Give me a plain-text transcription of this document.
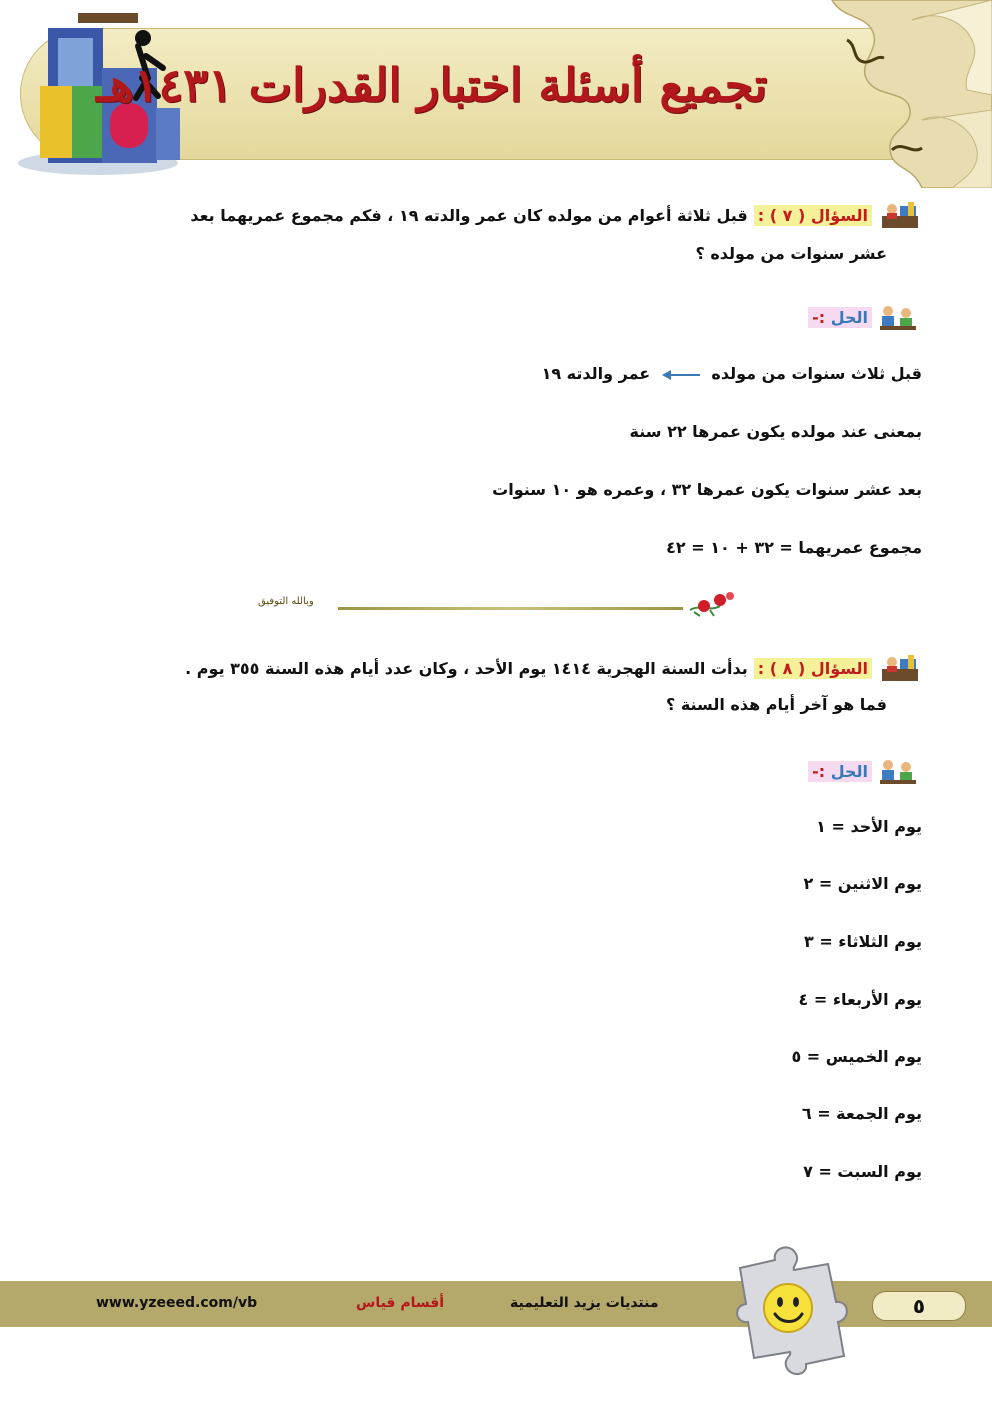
تجميع أسئلة اختبار القدرات ١٤٣١هـ
السؤال ( ٧ ) :
قبل ثلاثة أعوام من مولده كان عمر والدته ١٩ ، فكم مجموع عمريهما بعد
عشر سنوات من مولده ؟
الحل :-
قبل ثلاث سنوات من مولده  عمر والدته ١٩
بمعنى عند مولده يكون عمرها ٢٢ سنة
بعد عشر سنوات يكون عمرها ٣٢ ، وعمره هو ١٠ سنوات
مجموع عمريهما = ٣٢ + ١٠ = ٤٢
وبالله التوفيق
السؤال ( ٨ ) :
بدأت السنة الهجرية ١٤١٤ يوم الأحد ، وكان عدد أيام هذه السنة ٣٥٥ يوم .
فما هو آخر أيام هذه السنة ؟
الحل :-
يوم الأحد = ١
يوم الاثنين = ٢
يوم الثلاثاء = ٣
يوم الأربعاء = ٤
يوم الخميس = ٥
يوم الجمعة = ٦
يوم السبت = ٧
www.yzeeed.com/vb	أقسام قياس	منتديات يزيد التعليمية	٥
